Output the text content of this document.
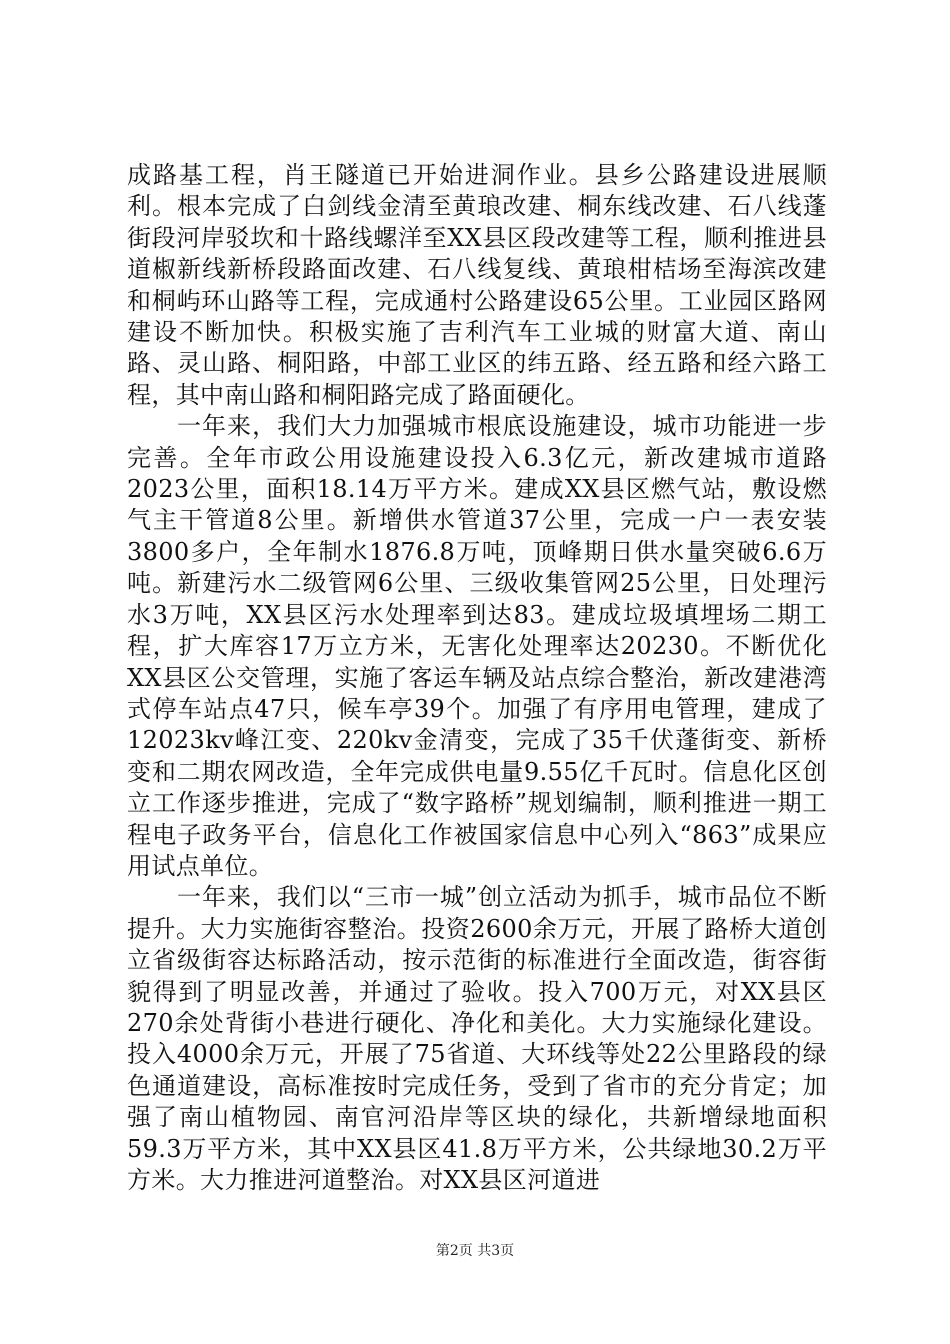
成路基工程，肖王隧道已开始进洞作业。县乡公路建设进展顺利。根本完成了白剑线金清至黄琅改建、桐东线改建、石八线蓬街段河岸驳坎和十路线螺洋至XX县区段改建等工程，顺利推进县道椒新线新桥段路面改建、石八线复线、黄琅柑桔场至海滨改建和桐屿环山路等工程，完成通村公路建设65公里。工业园区路网建设不断加快。积极实施了吉利汽车工业城的财富大道、南山路、灵山路、桐阳路，中部工业区的纬五路、经五路和经六路工程，其中南山路和桐阳路完成了路面硬化。

一年来，我们大力加强城市根底设施建设，城市功能进一步完善。全年市政公用设施建设投入6.3亿元，新改建城市道路2023公里，面积18.14万平方米。建成XX县区燃气站，敷设燃气主干管道8公里。新增供水管道37公里，完成一户一表安装3800多户，全年制水1876.8万吨，顶峰期日供水量突破6.6万吨。新建污水二级管网6公里、三级收集管网25公里，日处理污水3万吨，XX县区污水处理率到达83。建成垃圾填埋场二期工程，扩大库容17万立方米，无害化处理率达20230。不断优化XX县区公交管理，实施了客运车辆及站点综合整治，新改建港湾式停车站点47只，候车亭39个。加强了有序用电管理，建成了12023kv峰江变、220kv金清变，完成了35千伏蓬街变、新桥变和二期农网改造，全年完成供电量9.55亿千瓦时。信息化区创立工作逐步推进，完成了“数字路桥”规划编制，顺利推进一期工程电子政务平台，信息化工作被国家信息中心列入“863”成果应用试点单位。

一年来，我们以“三市一城”创立活动为抓手，城市品位不断提升。大力实施街容整治。投资2600余万元，开展了路桥大道创立省级街容达标路活动，按示范街的标准进行全面改造，街容街貌得到了明显改善，并通过了验收。投入700万元，对XX县区270余处背街小巷进行硬化、净化和美化。大力实施绿化建设。投入4000余万元，开展了75省道、大环线等处22公里路段的绿色通道建设，高标准按时完成任务，受到了省市的充分肯定；加强了南山植物园、南官河沿岸等区块的绿化，共新增绿地面积59.3万平方米，其中XX县区41.8万平方米，公共绿地30.2万平方米。大力推进河道整治。对XX县区河道进

第2页 共3页
